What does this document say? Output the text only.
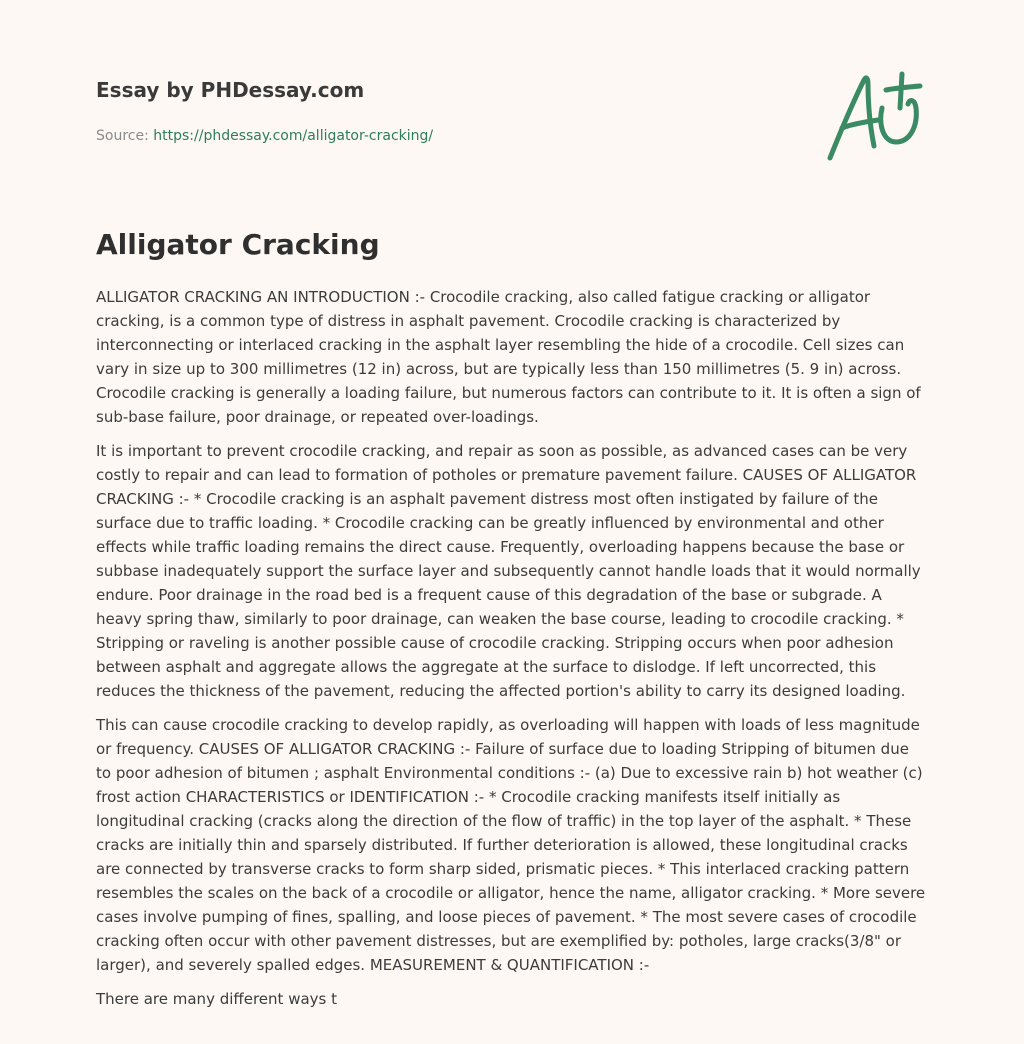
Essay by PHDessay.com
Source: https://phdessay.com/alligator-cracking/
Alligator Cracking

ALLIGATOR CRACKING AN INTRODUCTION :- Crocodile cracking, also called fatigue cracking or alligator cracking, is a common type of distress in asphalt pavement. Crocodile cracking is characterized by interconnecting or interlaced cracking in the asphalt layer resembling the hide of a crocodile. Cell sizes can vary in size up to 300 millimetres (12 in) across, but are typically less than 150 millimetres (5. 9 in) across. Crocodile cracking is generally a loading failure, but numerous factors can contribute to it. It is often a sign of sub-base failure, poor drainage, or repeated over-loadings.

It is important to prevent crocodile cracking, and repair as soon as possible, as advanced cases can be very costly to repair and can lead to formation of potholes or premature pavement failure. CAUSES OF ALLIGATOR CRACKING :- * Crocodile cracking is an asphalt pavement distress most often instigated by failure of the surface due to traffic loading. * Crocodile cracking can be greatly influenced by environmental and other effects while traffic loading remains the direct cause. Frequently, overloading happens because the base or subbase inadequately support the surface layer and subsequently cannot handle loads that it would normally endure. Poor drainage in the road bed is a frequent cause of this degradation of the base or subgrade. A heavy spring thaw, similarly to poor drainage, can weaken the base course, leading to crocodile cracking. * Stripping or raveling is another possible cause of crocodile cracking. Stripping occurs when poor adhesion between asphalt and aggregate allows the aggregate at the surface to dislodge. If left uncorrected, this reduces the thickness of the pavement, reducing the affected portion's ability to carry its designed loading.

This can cause crocodile cracking to develop rapidly, as overloading will happen with loads of less magnitude or frequency. CAUSES OF ALLIGATOR CRACKING :- Failure of surface due to loading Stripping of bitumen due to poor adhesion of bitumen ; asphalt Environmental conditions :- (a) Due to excessive rain b) hot weather (c) frost action CHARACTERISTICS or IDENTIFICATION :- * Crocodile cracking manifests itself initially as longitudinal cracking (cracks along the direction of the flow of traffic) in the top layer of the asphalt. * These cracks are initially thin and sparsely distributed. If further deterioration is allowed, these longitudinal cracks are connected by transverse cracks to form sharp sided, prismatic pieces. * This interlaced cracking pattern resembles the scales on the back of a crocodile or alligator, hence the name, alligator cracking. * More severe cases involve pumping of fines, spalling, and loose pieces of pavement. * The most severe cases of crocodile cracking often occur with other pavement distresses, but are exemplified by: potholes, large cracks(3/8" or larger), and severely spalled edges. MEASUREMENT & QUANTIFICATION :-

There are many different ways t
